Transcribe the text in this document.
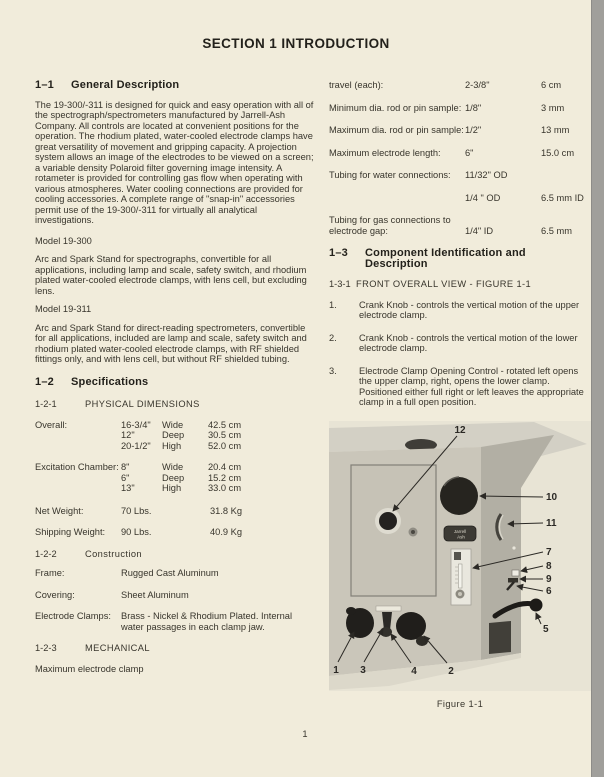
SECTION 1 INTRODUCTION
1–1	General Description

The 19-300/-311 is designed for quick and easy operation with all of the spectrograph/spectrometers manufactured by Jarrell-Ash Company. All controls are located at convenient positions for the operation. The rhodium plated, water-cooled electrode clamps have great versatility of movement and gripping capacity. A projection system allows an image of the electrodes to be viewed on a screen; a variable density Polaroid filter governing image intensity. A rotameter is provided for controlling gas flow when operating with various atmospheres. Water cooling connections are provided for cooling accessories. A complete range of "snap-in" accessories permit use of the 19-300/-311 for virtually all analytical investigations.

Model 19-300

Arc and Spark Stand for spectrographs, convertible for all applications, including lamp and scale, safety switch, and rhodium plated water-cooled electrode clamps, with lens cell, but excluding lens.

Model 19-311

Arc and Spark Stand for direct-reading spectrometers, convertible for all applications, included are lamp and scale, safety switch and rhodium plated water-cooled electrode clamps, with RF shielded fittings only, and with lens cell, but without RF shielded tubing.

1–2	Specifications
1-2-1	PHYSICAL DIMENSIONS
Overall:	16-3/4"	Wide	42.5 cm
12"	Deep	30.5 cm
20-1/2"	High	52.0 cm
Excitation Chamber: 8"	Wide	20.4 cm
6"	Deep	15.2 cm
13"	High	33.0 cm
Net Weight:	70 Lbs.	31.8 Kg
Shipping Weight:	90 Lbs.	40.9 Kg
1-2-2	Construction
Frame:	Rugged Cast Aluminum
Covering:	Sheet Aluminum
Electrode Clamps:	Brass - Nickel & Rhodium Plated. Internal water passages in each clamp jaw.
1-2-3	MECHANICAL

Maximum electrode clamp

travel (each):	2-3/8"	6 cm
Minimum dia. rod or pin sample: 1/8"	3 mm
Maximum dia. rod or pin sample: 1/2"	13 mm
Maximum electrode length:	6"	15.0 cm
Tubing for water connections:	11/32" OD
1/4 " OD	6.5 mm ID
Tubing for gas connections to electrode gap:	1/4" ID	6.5 mm
1–3	Component Identification and Description
1-3-1 FRONT OVERALL VIEW - FIGURE 1-1
1.	Crank Knob - controls the vertical motion of the upper electrode clamp.
2.	Crank Knob - controls the vertical motion of the lower electrode clamp.
3.	Electrode Clamp Opening Control - rotated left opens the upper clamp, right, opens the lower clamp. Positioned either full right or left leaves the appropriate clamp in a full open position.
Jarrell
Ash
12
10
11
7
8
9
6
5
1 3	4	2
Figure 1-1
1
